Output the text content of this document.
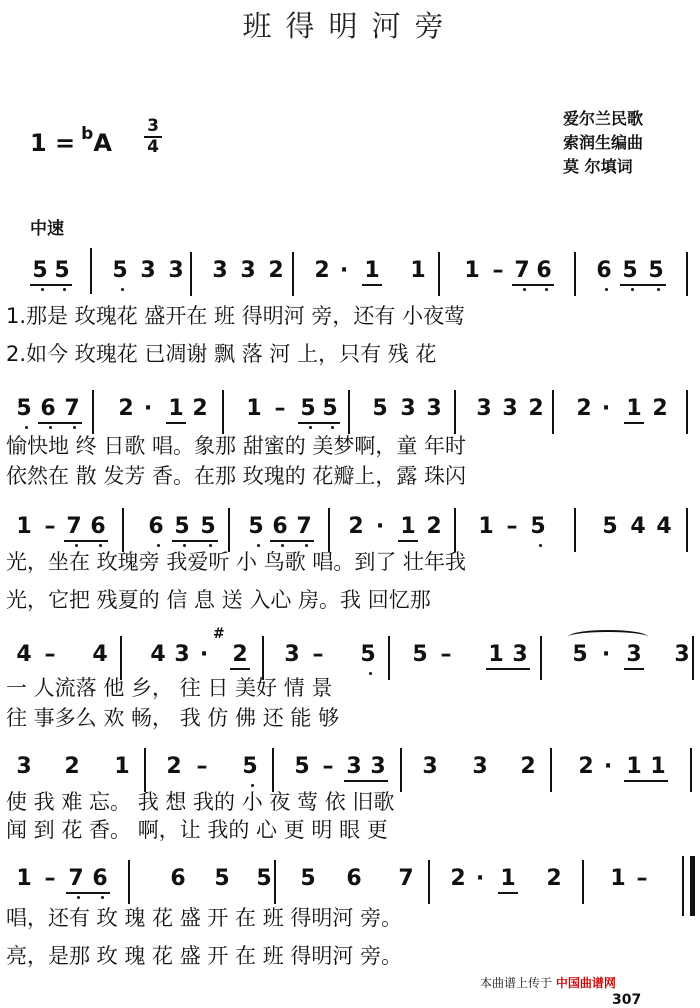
班得明河旁
1 = $^b$A
3
4
爱尔兰民歌
索润生编曲
莫 尔填词
中速
5 5 5 3 3 3 3 2 2 · 1 1 1 – 7 6 6 5 5
1.那是 玫瑰花 盛开在 班 得明河 旁，还有 小夜莺
2.如今 玫瑰花 已凋谢 飘 落 河 上，只有 残 花
5 6 7 2 · 1 2 1 – 5 5 5 3 3 3 3 2 2 · 1 2
愉快地 终 日歌 唱。象那 甜蜜的 美梦啊，童 年时
依然在 散 发芳 香。在那 玫瑰的 花瓣上，露 珠闪
1 – 7 6 6 5 5 5 6 7 2 · 1 2 1 – 5	5 4 4
光，坐在 玫瑰旁 我爱听 小 鸟歌 唱。到了 壮年我
光，它把 残夏的 信 息 送 入心 房。我 回忆那
4 – 4 4 3 · 2 3 – 5 5 – 1 3 5 · 3 3
#
一 人流落 他 乡， 往 日 美好 情 景
往 事多么 欢 畅， 我 仿 佛 还 能 够
3 2 1 2 – 5 5 – 3 3 3 3 2 2 · 1 1
使 我 难 忘。 我 想 我的 小 夜 莺 依 旧歌
闻 到 花 香。 啊，让 我的 心 更 明 眼 更
1 – 7 6	6 5 5 5 6 7 2 · 1 2 1 –
唱，还有 玫 瑰 花 盛 开 在 班 得明河 旁。
亮，是那 玫 瑰 花 盛 开 在 班 得明河 旁。
本曲谱上传于 中国曲谱网
307
